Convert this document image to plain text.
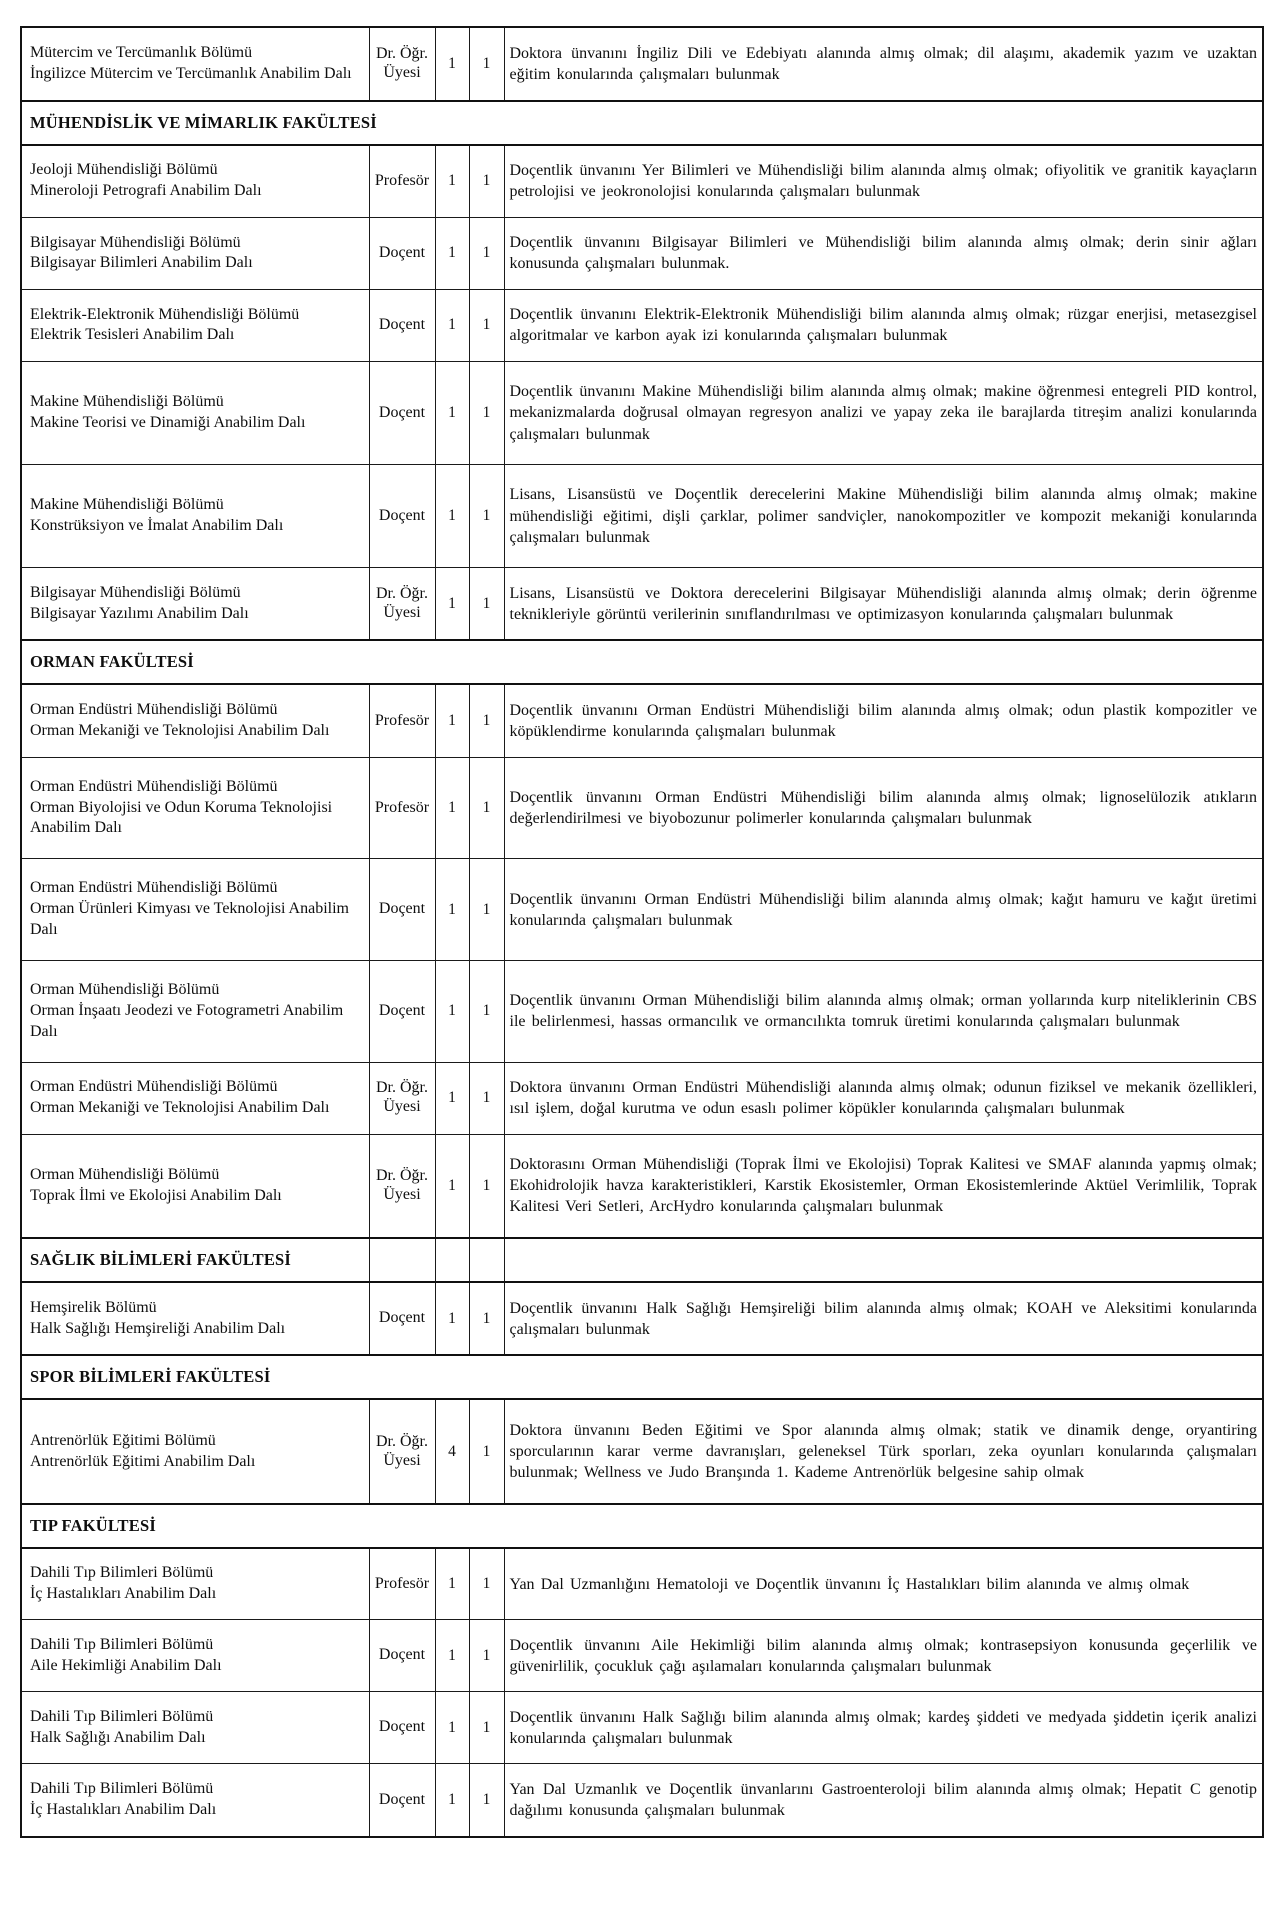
Mütercim ve Tercümanlık Bölümü
İngilizce Mütercim ve Tercümanlık Anabilim Dalı	Dr. Öğr. Üyesi	1	1	Doktora ünvanını İngiliz Dili ve Edebiyatı alanında almış olmak; dil alaşımı, akademik yazım ve uzaktan eğitim konularında çalışmaları bulunmak
MÜHENDİSLİK VE MİMARLIK FAKÜLTESİ				

Jeoloji Mühendisliği Bölümü
Mineroloji Petrografi Anabilim Dalı	Profesör	1	1	Doçentlik ünvanını Yer Bilimleri ve Mühendisliği bilim alanında almış olmak; ofiyolitik ve granitik kayaçların petrolojisi ve jeokronolojisi konularında çalışmaları bulunmak

Bilgisayar Mühendisliği Bölümü
Bilgisayar Bilimleri Anabilim Dalı	Doçent	1	1	Doçentlik ünvanını Bilgisayar Bilimleri ve Mühendisliği bilim alanında almış olmak; derin sinir ağları konusunda çalışmaları bulunmak.

Elektrik-Elektronik Mühendisliği Bölümü
Elektrik Tesisleri Anabilim Dalı	Doçent	1	1	Doçentlik ünvanını Elektrik-Elektronik Mühendisliği bilim alanında almış olmak; rüzgar enerjisi, metasezgisel algoritmalar ve karbon ayak izi konularında çalışmaları bulunmak

Makine Mühendisliği Bölümü
Makine Teorisi ve Dinamiği Anabilim Dalı	Doçent	1	1	Doçentlik ünvanını Makine Mühendisliği bilim alanında almış olmak; makine öğrenmesi entegreli PID kontrol, mekanizmalarda doğrusal olmayan regresyon analizi ve yapay zeka ile barajlarda titreşim analizi konularında çalışmaları bulunmak

Makine Mühendisliği Bölümü
Konstrüksiyon ve İmalat Anabilim Dalı	Doçent	1	1	Lisans, Lisansüstü ve Doçentlik derecelerini Makine Mühendisliği bilim alanında almış olmak; makine mühendisliği eğitimi, dişli çarklar, polimer sandviçler, nanokompozitler ve kompozit mekaniği konularında çalışmaları bulunmak

Bilgisayar Mühendisliği Bölümü
Bilgisayar Yazılımı Anabilim Dalı	Dr. Öğr. Üyesi	1	1	Lisans, Lisansüstü ve Doktora derecelerini Bilgisayar Mühendisliği alanında almış olmak; derin öğrenme teknikleriyle görüntü verilerinin sınıflandırılması ve optimizasyon konularında çalışmaları bulunmak
ORMAN FAKÜLTESİ				

Orman Endüstri Mühendisliği Bölümü
Orman Mekaniği ve Teknolojisi Anabilim Dalı	Profesör	1	1	Doçentlik ünvanını Orman Endüstri Mühendisliği bilim alanında almış olmak; odun plastik kompozitler ve köpüklendirme konularında çalışmaları bulunmak

Orman Endüstri Mühendisliği Bölümü
Orman Biyolojisi ve Odun Koruma Teknolojisi Anabilim Dalı	Profesör	1	1	Doçentlik ünvanını Orman Endüstri Mühendisliği bilim alanında almış olmak; lignoselülozik atıkların değerlendirilmesi ve biyobozunur polimerler konularında çalışmaları bulunmak

Orman Endüstri Mühendisliği Bölümü
Orman Ürünleri Kimyası ve Teknolojisi Anabilim Dalı	Doçent	1	1	Doçentlik ünvanını Orman Endüstri Mühendisliği bilim alanında almış olmak; kağıt hamuru ve kağıt üretimi konularında çalışmaları bulunmak

Orman Mühendisliği Bölümü
Orman İnşaatı Jeodezi ve Fotogrametri Anabilim Dalı	Doçent	1	1	Doçentlik ünvanını Orman Mühendisliği bilim alanında almış olmak; orman yollarında kurp niteliklerinin CBS ile belirlenmesi, hassas ormancılık ve ormancılıkta tomruk üretimi konularında çalışmaları bulunmak

Orman Endüstri Mühendisliği Bölümü
Orman Mekaniği ve Teknolojisi Anabilim Dalı	Dr. Öğr. Üyesi	1	1	Doktora ünvanını Orman Endüstri Mühendisliği alanında almış olmak; odunun fiziksel ve mekanik özellikleri, ısıl işlem, doğal kurutma ve odun esaslı polimer köpükler konularında çalışmaları bulunmak

Orman Mühendisliği Bölümü
Toprak İlmi ve Ekolojisi Anabilim Dalı	Dr. Öğr. Üyesi	1	1	Doktorasını Orman Mühendisliği (Toprak İlmi ve Ekolojisi) Toprak Kalitesi ve SMAF alanında yapmış olmak; Ekohidrolojik havza karakteristikleri, Karstik Ekosistemler, Orman Ekosistemlerinde Aktüel Verimlilik, Toprak Kalitesi Veri Setleri, ArcHydro konularında çalışmaları bulunmak
SAĞLIK BİLİMLERİ FAKÜLTESİ				

Hemşirelik Bölümü
Halk Sağlığı Hemşireliği Anabilim Dalı	Doçent	1	1	Doçentlik ünvanını Halk Sağlığı Hemşireliği bilim alanında almış olmak; KOAH ve Aleksitimi konularında çalışmaları bulunmak
SPOR BİLİMLERİ FAKÜLTESİ				

Antrenörlük Eğitimi Bölümü
Antrenörlük Eğitimi Anabilim Dalı	Dr. Öğr. Üyesi	4	1	Doktora ünvanını Beden Eğitimi ve Spor alanında almış olmak; statik ve dinamik denge, oryantiring sporcularının karar verme davranışları, geleneksel Türk sporları, zeka oyunları konularında çalışmaları bulunmak; Wellness ve Judo Branşında 1. Kademe Antrenörlük belgesine sahip olmak
TIP FAKÜLTESİ				

Dahili Tıp Bilimleri Bölümü
İç Hastalıkları Anabilim Dalı	Profesör	1	1	Yan Dal Uzmanlığını Hematoloji ve Doçentlik ünvanını İç Hastalıkları bilim alanında ve almış olmak

Dahili Tıp Bilimleri Bölümü
Aile Hekimliği Anabilim Dalı	Doçent	1	1	Doçentlik ünvanını Aile Hekimliği bilim alanında almış olmak; kontrasepsiyon konusunda geçerlilik ve güvenirlilik, çocukluk çağı aşılamaları konularında çalışmaları bulunmak

Dahili Tıp Bilimleri Bölümü
Halk Sağlığı Anabilim Dalı	Doçent	1	1	Doçentlik ünvanını Halk Sağlığı bilim alanında almış olmak; kardeş şiddeti ve medyada şiddetin içerik analizi konularında çalışmaları bulunmak

Dahili Tıp Bilimleri Bölümü
İç Hastalıkları Anabilim Dalı	Doçent	1	1	Yan Dal Uzmanlık ve Doçentlik ünvanlarını Gastroenteroloji bilim alanında almış olmak; Hepatit C genotip dağılımı konusunda çalışmaları bulunmak
